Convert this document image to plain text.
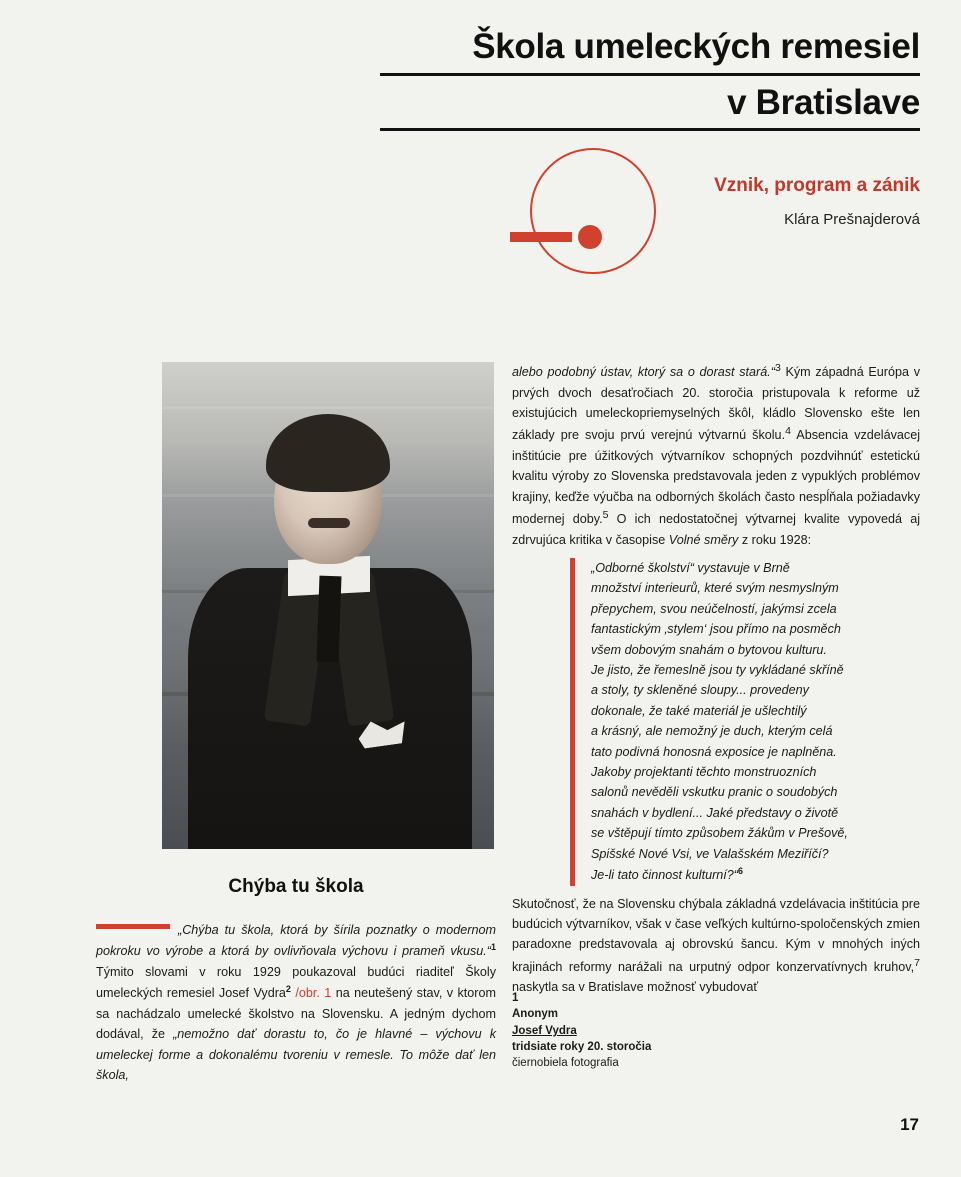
Škola umeleckých remesiel
v Bratislave
Vznik, program a zánik
Klára Prešnajderová
Chýba tu škola

„Chýba tu škola, ktorá by šírila poznatky o modernom pokroku vo výrobe a ktorá by ovlivňovala výchovu i prameň vkusu.“$^1$ Týmito slovami v roku 1929 poukazoval budúci riaditeľ Školy umeleckých remesiel Josef Vydra$^2$ /obr. 1 na neutešený stav, v ktorom sa nachádzalo umelecké školstvo na Slovensku. A jedným dychom dodával, že „nemožno dať dorastu to, čo je hlavné – výchovu k umeleckej forme a dokonalému tvoreniu v remesle. To môže dať len škola,

alebo podobný ústav, ktorý sa o dorast stará.“$^3$ Kým západná Európa v prvých dvoch desaťročiach 20. storočia pristupovala k reforme už existujúcich umeleckopriemyselných škôl, kládlo Slovensko ešte len základy pre svoju prvú verejnú výtvarnú školu.$^4$ Absencia vzdelávacej inštitúcie pre úžitkových výtvarníkov schopných pozdvihnúť estetickú kvalitu výroby zo Slovenska predstavovala jeden z vypuklých problémov krajiny, keďže výučba na odborných školách často nespĺňala požiadavky modernej doby.$^5$ O ich nedostatočnej výtvarnej kvalite vypovedá aj zdrvujúca kritika v časopise Volné směry z roku 1928:

„Odborné školství“ vystavuje v Brně
množství interieurů, které svým nesmyslným
přepychem, svou neúčelností, jakýmsi zcela
fantastickým ‚stylem‘ jsou přímo na posměch
všem dobovým snahám o bytovou kulturu.
Je jisto, že řemeslně jsou ty vykládané skříně
a stoly, ty skleněné sloupy... provedeny
dokonale, že také materiál je ušlechtilý
a krásný, ale nemožný je duch, kterým celá
tato podivná honosná exposice je naplněna.
Jakoby projektanti těchto monstruozních
salonů nevěděli vskutku pranic o soudobých
snahách v bydlení... Jaké představy o životě
se vštěpují tímto způsobem žákům v Prešově,
Spišské Nové Vsi, ve Valašském Meziříčí?
Je-li tato činnost kulturní?“$^6$

Skutočnosť, že na Slovensku chýbala základná vzdelávacia inštitúcia pre budúcich výtvarníkov, však v čase veľkých kultúrno-spoločenských zmien paradoxne predstavovala aj obrovskú šancu. Kým v mnohých iných krajinách reformy narážali na urputný odpor konzervatívnych kruhov,$^7$ naskytla sa v Bratislave možnosť vybudovať

1
Anonym
Josef Vydra
tridsiate roky 20. storočia
čiernobiela fotografia
17
